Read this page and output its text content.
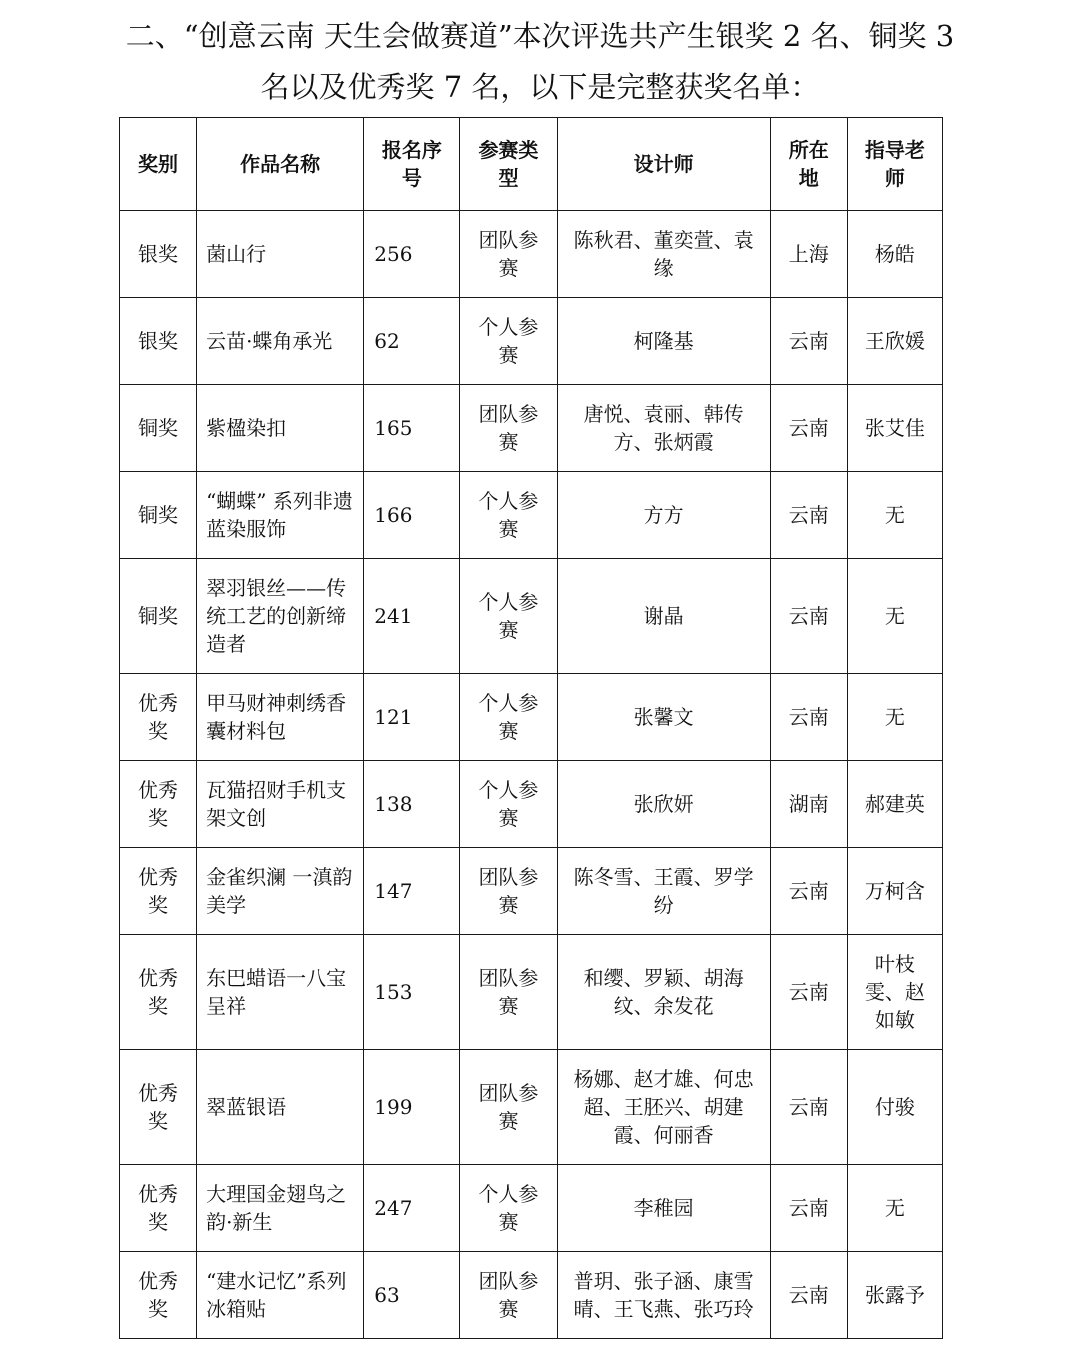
二、“创意云南 天生会做赛道”本次评选共产生银奖 2 名、铜奖 3

名以及优秀奖 7 名，以下是完整获奖名单：

奖别	作品名称	报名序号	参赛类型	设计师	所在地	指导老师
银奖	菌山行	256	团队参赛	陈秋君、董奕萱、袁缘	上海	杨皓
银奖	云苗·蝶角承光	62	个人参赛	柯隆基	云南	王欣媛
铜奖	紫楹染扣	165	团队参赛	唐悦、袁丽、韩传方、张炳霞	云南	张艾佳
铜奖	“蝴蝶” 系列非遗蓝染服饰	166	个人参赛	方方	云南	无
铜奖	翠羽银丝——传统工艺的创新缔造者	241	个人参赛	谢晶	云南	无
优秀奖	甲马财神刺绣香囊材料包	121	个人参赛	张馨文	云南	无
优秀奖	瓦猫招财手机支架文创	138	个人参赛	张欣妍	湖南	郝建英
优秀奖	金雀织澜 一滇韵美学	147	团队参赛	陈冬雪、王霞、罗学纷	云南	万柯含
优秀奖	东巴蜡语一八宝呈祥	153	团队参赛	和缨、罗颖、胡海纹、余发花	云南	叶枝雯、赵如敏
优秀奖	翠蓝银语	199	团队参赛	杨娜、赵才雄、何忠超、王胚兴、胡建霞、何丽香	云南	付骏
优秀奖	大理国金翅鸟之韵·新生	247	个人参赛	李稚园	云南	无
优秀奖	“建水记忆”系列冰箱贴	63	团队参赛	普玥、张子涵、康雪晴、王飞燕、张巧玲	云南	张露予
